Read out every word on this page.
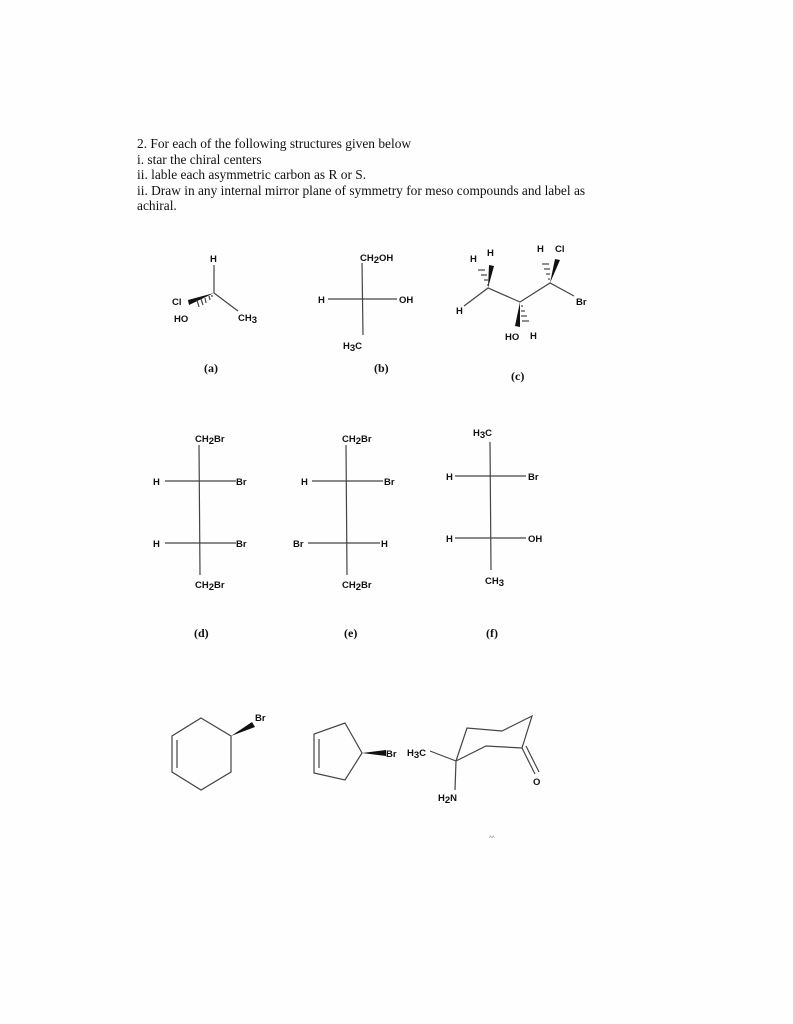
2. For each of the following structures given below
i. star the chiral centers
ii. lable each asymmetric carbon as R or S.
ii. Draw in any internal mirror plane of symmetry for meso compounds and label as
achiral.
H
Cl
HO	CH3
(a)
CH2OH
H	OH
H3C
(b)
H
H
H
H Cl
Br
HO H
(c)
CH2Br
H	Br
H	Br
CH2Br
(d)
CH2Br
H	Br
Br	H
CH2Br
(e)
H3C
H	Br
H	OH
CH3
(f)
Br
Br H3C
H2N
O
^^
